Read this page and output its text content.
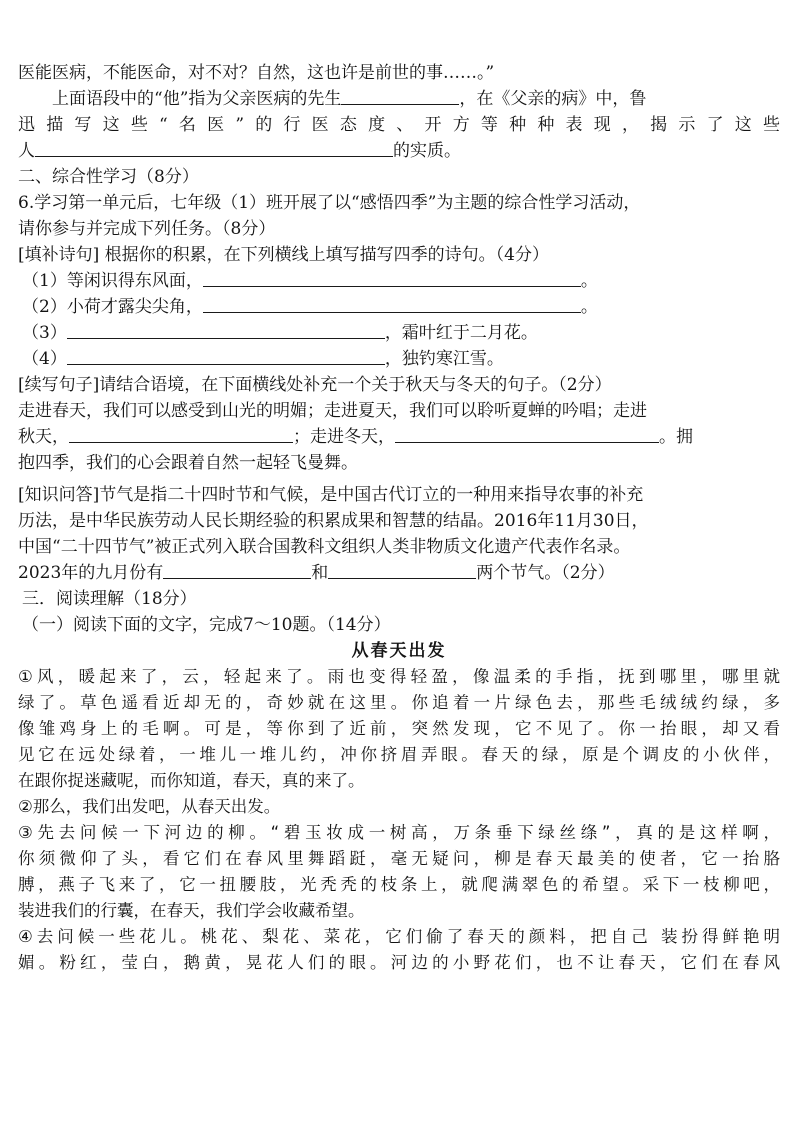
医能医病，不能医命，对不对？自然，这也许是前世的事……。”
上面语段中的“他”指为父亲医病的先生	，在《父亲的病》中，鲁
迅描写这些“名医”的行医态度、开方等种种表现，揭示了这些
人	的实质。
二、综合性学习（8分）
6.学习第一单元后，七年级（1）班开展了以“感悟四季”为主题的综合性学习活动，
请你参与并完成下列任务。（8分）
[填补诗句] 根据你的积累，在下列横线上填写描写四季的诗句。（4分）
（1）等闲识得东风面，	。
（2）小荷才露尖尖角，	。
（3）	，霜叶红于二月花。
（4）	，独钓寒江雪。
[续写句子]请结合语境，在下面横线处补充一个关于秋天与冬天的句子。（2分）
走进春天，我们可以感受到山光的明媚；走进夏天，我们可以聆听夏蝉的吟唱；走进
秋天，	；走进冬天，	。拥
抱四季，我们的心会跟着自然一起轻飞曼舞。
[知识问答]节气是指二十四时节和气候，是中国古代订立的一种用来指导农事的补充
历法，是中华民族劳动人民长期经验的积累成果和智慧的结晶。2016年11月30日，
中国“二十四节气”被正式列入联合国教科文组织人类非物质文化遗产代表作名录。
2023年的九月份有	和	两个节气。（2分）
三．阅读理解（18分）
（一）阅读下面的文字，完成7～10题。（14分）
从春天出发
①风，暖起来了，云，轻起来了。雨也变得轻盈，像温柔的手指，抚到哪里，哪里就
绿了。草色遥看近却无的，奇妙就在这里。你追着一片绿色去，那些毛绒绒约绿，多
像雏鸡身上的毛啊。可是，等你到了近前，突然发现，它不见了。你一抬眼，却又看
见它在远处绿着，一堆儿一堆儿约，冲你挤眉弄眼。春天的绿，原是个调皮的小伙伴，
在跟你捉迷藏呢，而你知道，春天，真的来了。
②那么，我们出发吧，从春天出发。
③先去问候一下河边的柳。“碧玉妆成一树高，万条垂下绿丝绦”，真的是这样啊，
你须微仰了头，看它们在春风里舞蹈跹，毫无疑问，柳是春天最美的使者，它一抬胳
膊，燕子飞来了，它一扭腰肢，光秃秃的枝条上，就爬满翠色的希望。采下一枝柳吧，
装进我们的行囊，在春天，我们学会收藏希望。
④去问候一些花儿。桃花、梨花、菜花，它们偷了春天的颜料，把自己 装扮得鲜艳明
媚。粉红，莹白，鹅黄，晃花人们的眼。河边的小野花们，也不让春天，它们在春风
